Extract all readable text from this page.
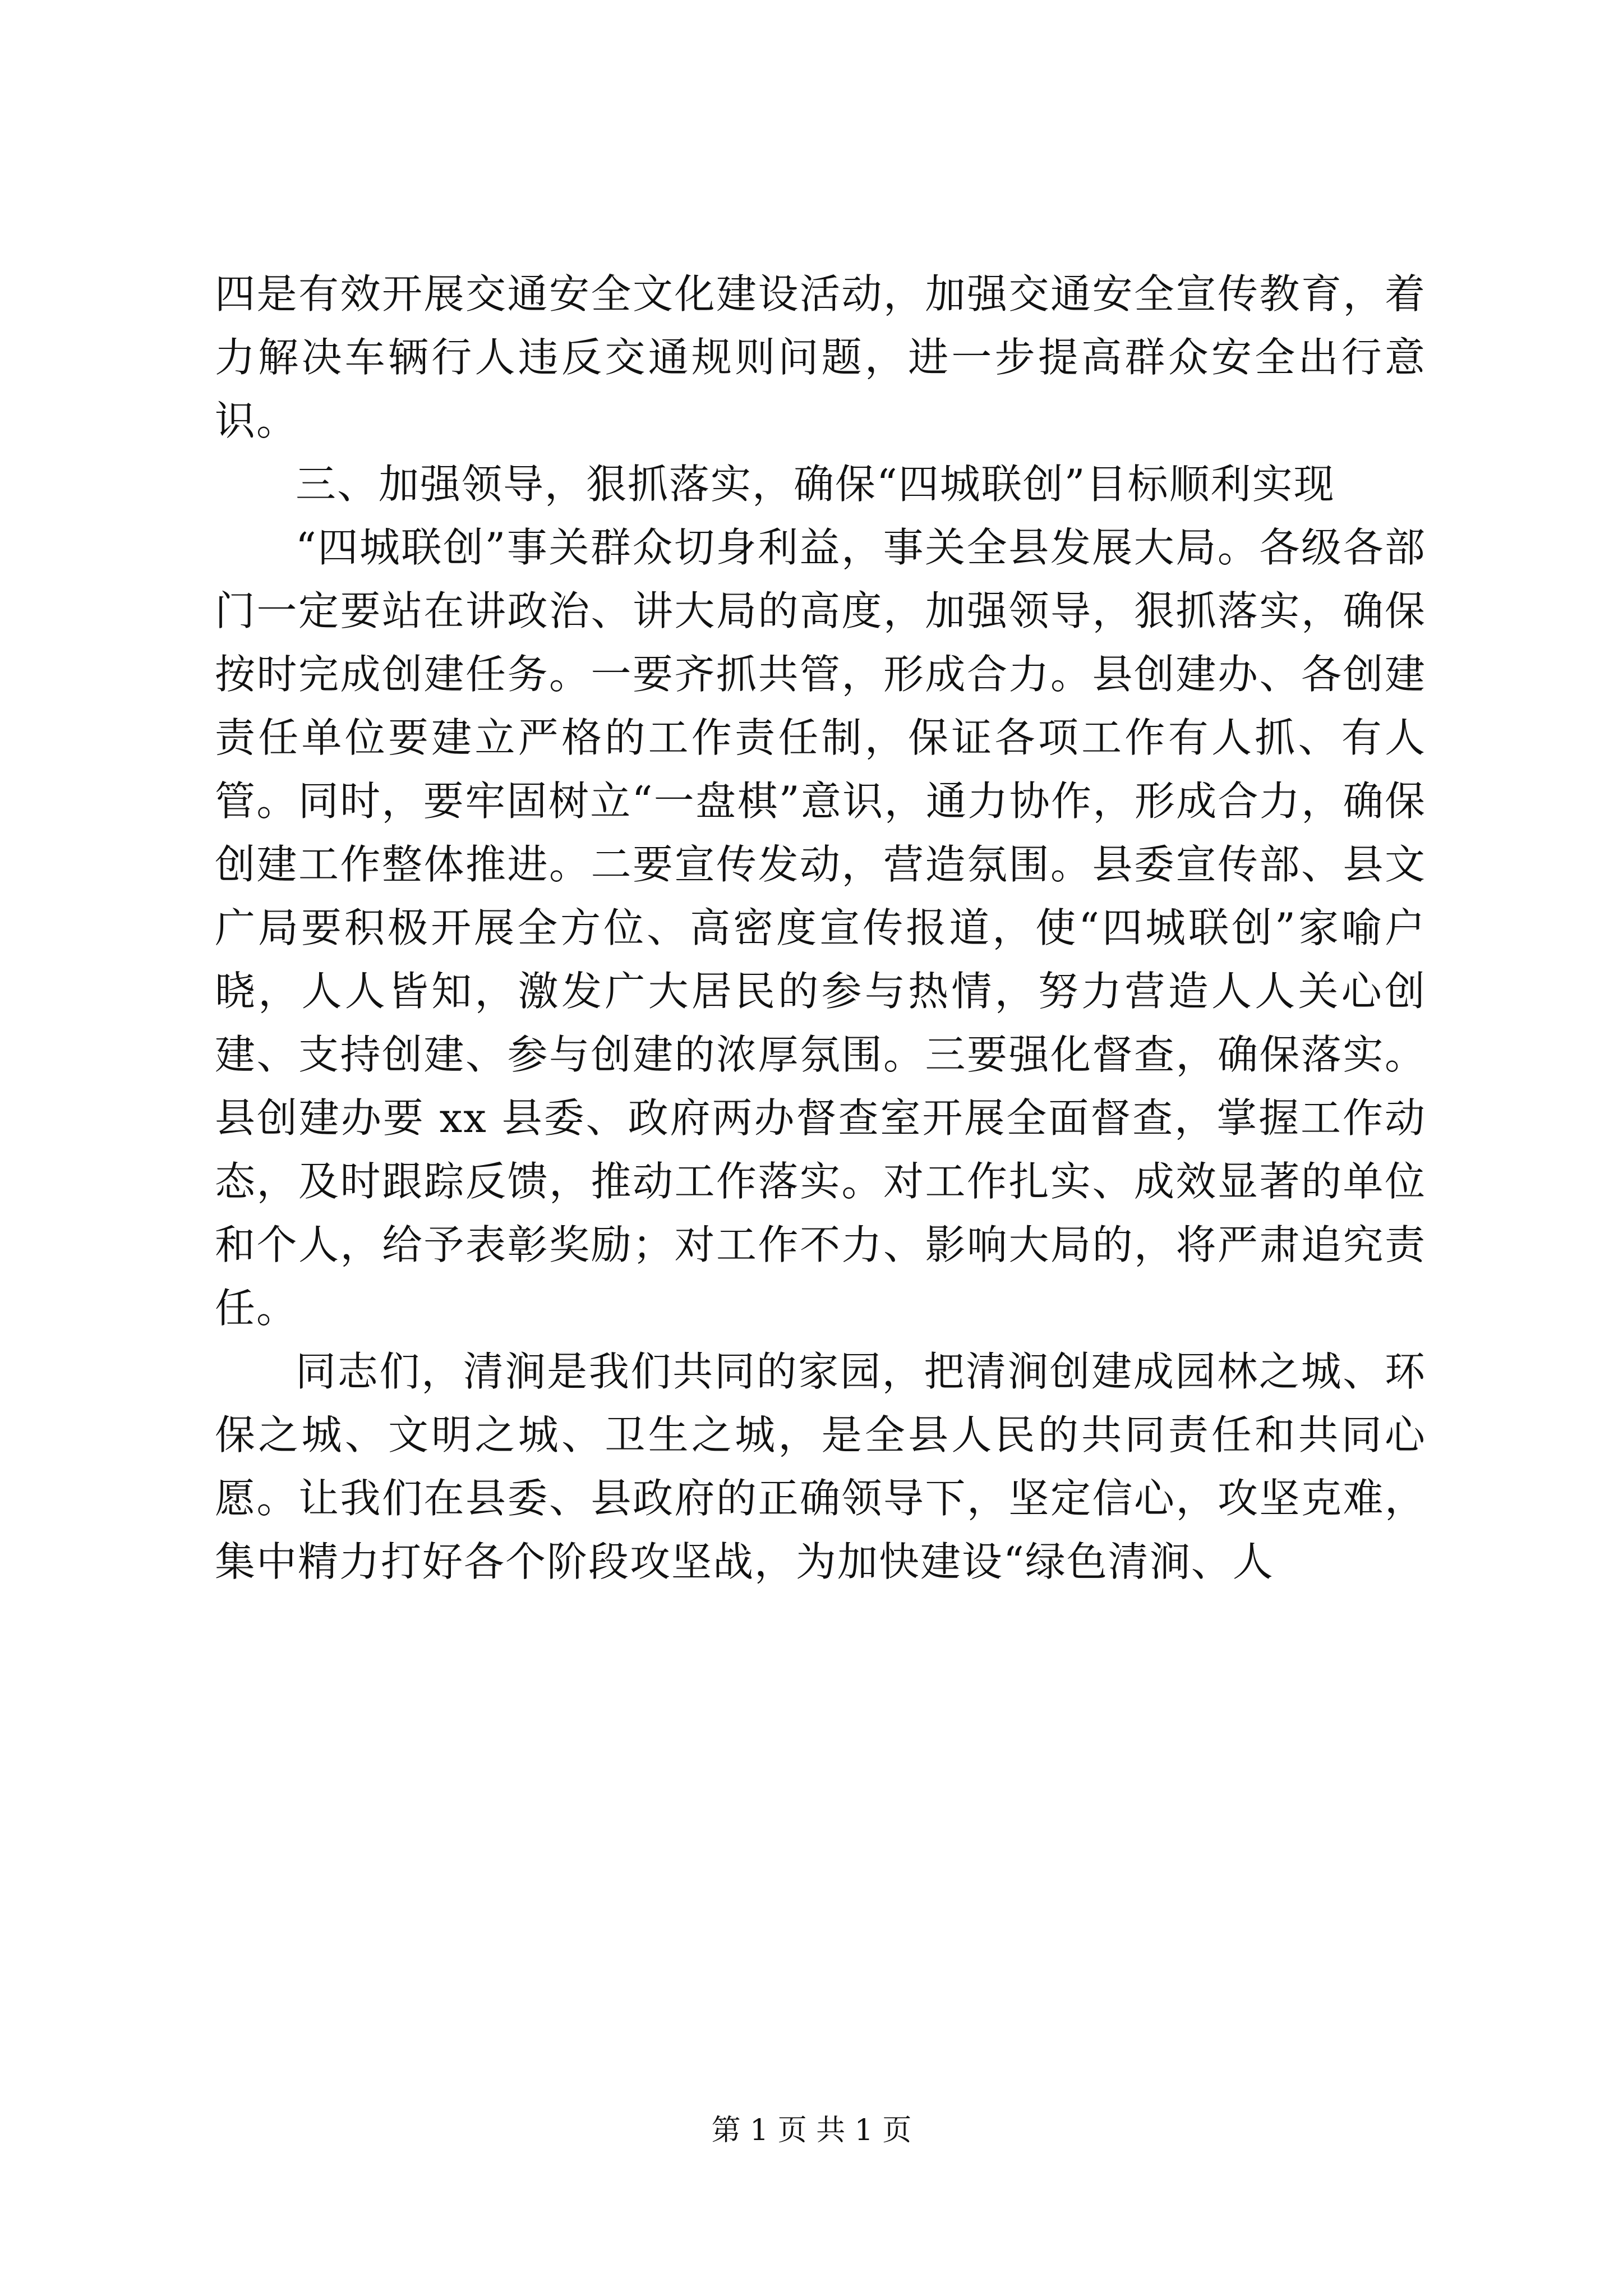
四是有效开展交通安全文化建设活动，加强交通安全宣传教育，着力解决车辆行人违反交通规则问题，进一步提高群众安全出行意识。

三、加强领导，狠抓落实，确保“四城联创”目标顺利实现

“四城联创”事关群众切身利益，事关全县发展大局。各级各部门一定要站在讲政治、讲大局的高度，加强领导，狠抓落实，确保按时完成创建任务。一要齐抓共管，形成合力。县创建办、各创建责任单位要建立严格的工作责任制，保证各项工作有人抓、有人管。同时，要牢固树立“一盘棋”意识，通力协作，形成合力，确保创建工作整体推进。二要宣传发动，营造氛围。县委宣传部、县文广局要积极开展全方位、高密度宣传报道，使“四城联创”家喻户晓，人人皆知，激发广大居民的参与热情，努力营造人人关心创建、支持创建、参与创建的浓厚氛围。三要强化督查，确保落实。县创建办要 xx 县委、政府两办督查室开展全面督查，掌握工作动态，及时跟踪反馈，推动工作落实。对工作扎实、成效显著的单位和个人，给予表彰奖励；对工作不力、影响大局的，将严肃追究责任。

同志们，清涧是我们共同的家园，把清涧创建成园林之城、环保之城、文明之城、卫生之城，是全县人民的共同责任和共同心愿。让我们在县委、县政府的正确领导下，坚定信心，攻坚克难，集中精力打好各个阶段攻坚战，为加快建设“绿色清涧、人

第 1 页 共 1 页
